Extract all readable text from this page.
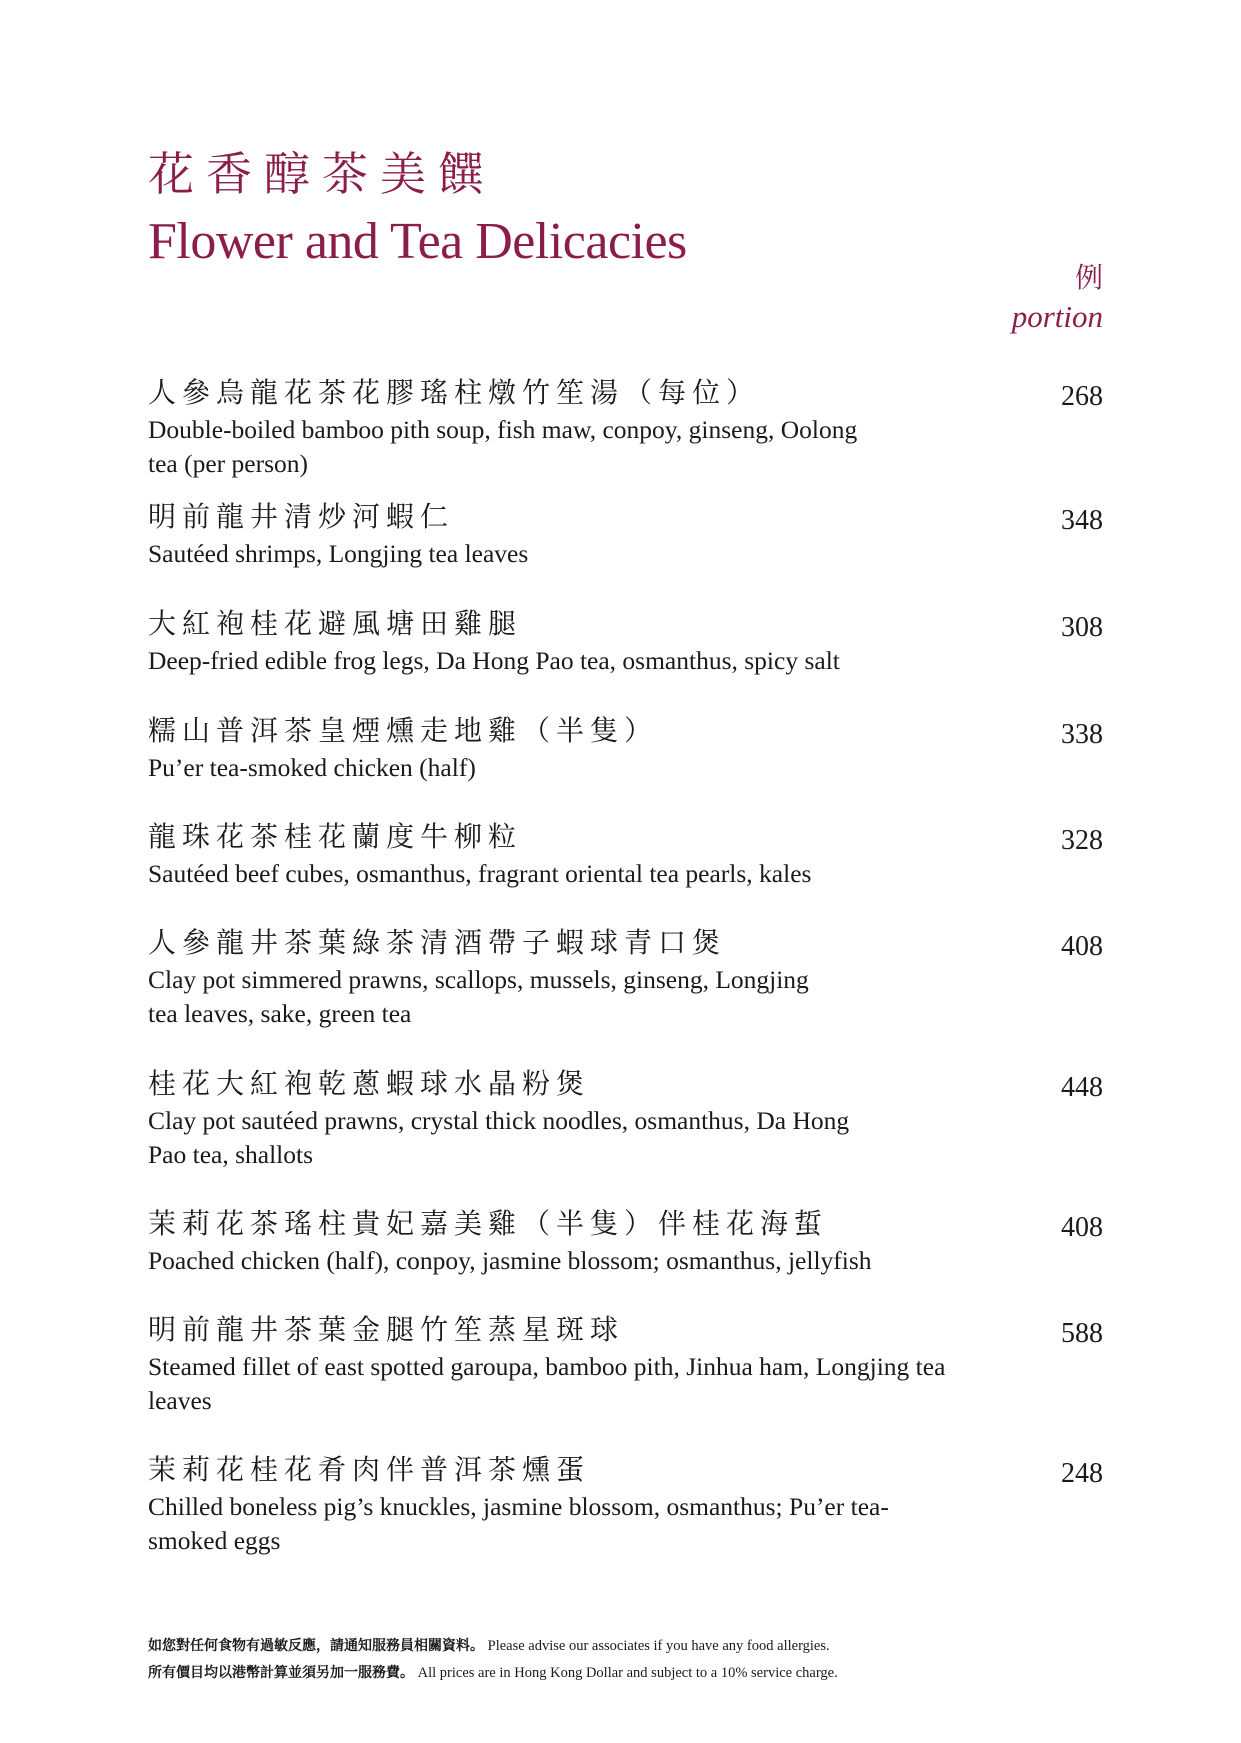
花香醇茶美饌
Flower and Tea Delicacies
例
portion
人參烏龍花茶花膠瑤柱燉竹笙湯（每位）
Double-boiled bamboo pith soup, fish maw, conpoy, ginseng, Oolong tea (per person)
268
明前龍井清炒河蝦仁
Sautéed shrimps, Longjing tea leaves
348
大紅袍桂花避風塘田雞腿
Deep-fried edible frog legs, Da Hong Pao tea, osmanthus, spicy salt
308
糯山普洱茶皇煙燻走地雞（半隻）
Pu’er tea-smoked chicken (half)
338
龍珠花茶桂花蘭度牛柳粒
Sautéed beef cubes, osmanthus, fragrant oriental tea pearls, kales
328
人參龍井茶葉綠茶清酒帶子蝦球青口煲
Clay pot simmered prawns, scallops, mussels, ginseng, Longjing tea leaves, sake, green tea
408
桂花大紅袍乾蔥蝦球水晶粉煲
Clay pot sautéed prawns, crystal thick noodles, osmanthus, Da Hong Pao tea, shallots
448
茉莉花茶瑤柱貴妃嘉美雞（半隻）伴桂花海蜇
Poached chicken (half), conpoy, jasmine blossom; osmanthus, jellyfish
408
明前龍井茶葉金腿竹笙蒸星斑球
Steamed fillet of east spotted garoupa, bamboo pith, Jinhua ham, Longjing tea leaves
588
茉莉花桂花肴肉伴普洱茶燻蛋
Chilled boneless pig’s knuckles, jasmine blossom, osmanthus; Pu’er tea-smoked eggs
248
如您對任何食物有過敏反應，請通知服務員相關資料。 Please advise our associates if you have any food allergies.
所有價目均以港幣計算並須另加一服務費。 All prices are in Hong Kong Dollar and subject to a 10% service charge.
